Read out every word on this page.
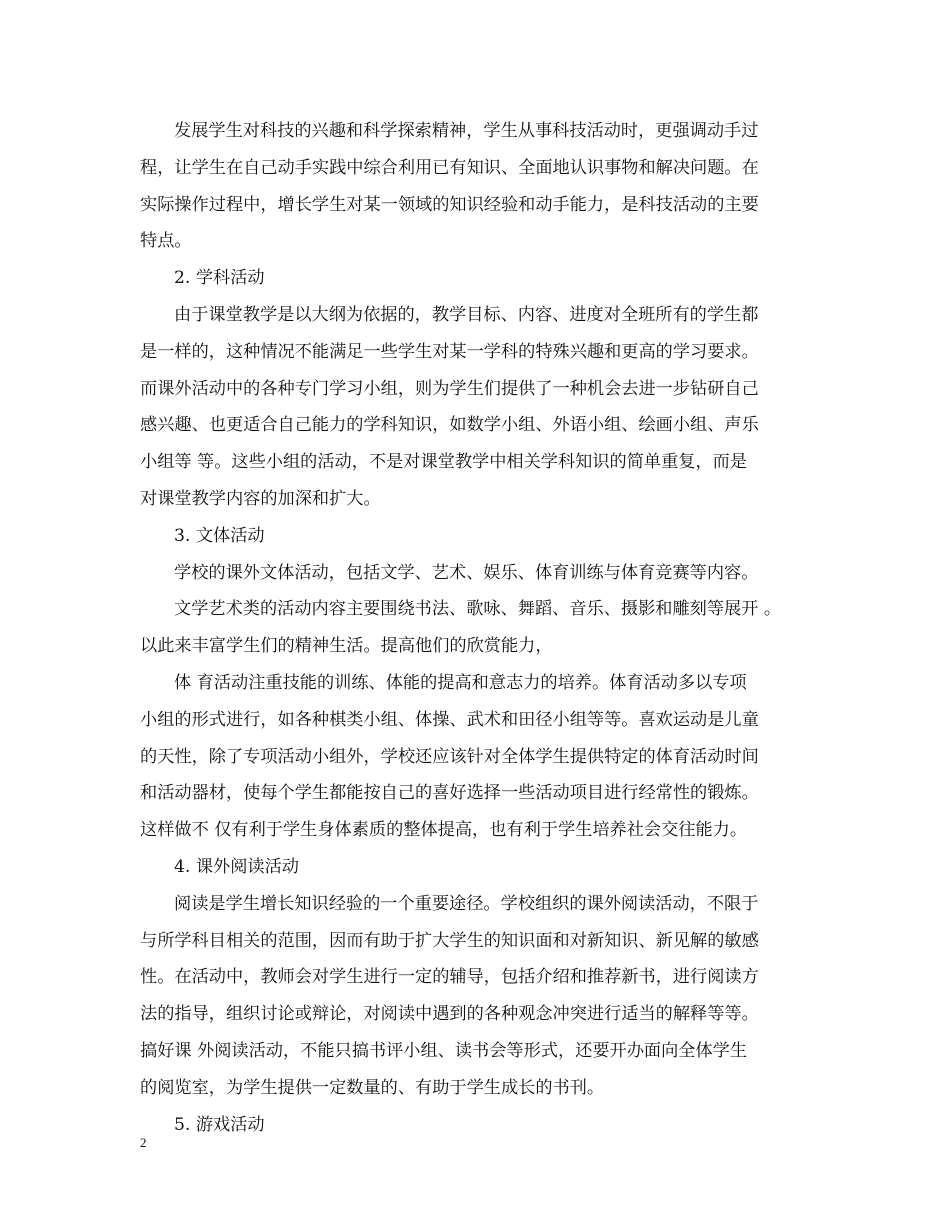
发展学生对科技的兴趣和科学探索精神，学生从事科技活动时，更强调动手过
程，让学生在自己动手实践中综合利用已有知识、全面地认识事物和解决问题。在
实际操作过程中，增长学生对某一领域的知识经验和动手能力，是科技活动的主要
特点。
2. 学科活动
由于课堂教学是以大纲为依据的，教学目标、内容、进度对全班所有的学生都
是一样的，这种情况不能满足一些学生对某一学科的特殊兴趣和更高的学习要求。
而课外活动中的各种专门学习小组，则为学生们提供了一种机会去进一步钻研自己
感兴趣、也更适合自己能力的学科知识，如数学小组、外语小组、绘画小组、声乐
小组等 等。这些小组的活动，不是对课堂教学中相关学科知识的简单重复，而是
对课堂教学内容的加深和扩大。
3. 文体活动
学校的课外文体活动，包括文学、艺术、娱乐、体育训练与体育竞赛等内容。
文学艺术类的活动内容主要围绕书法、歌咏、舞蹈、音乐、摄影和雕刻等展开 。
以此来丰富学生们的精神生活。提高他们的欣赏能力，
体 育活动注重技能的训练、体能的提高和意志力的培养。体育活动多以专项
小组的形式进行，如各种棋类小组、体操、武术和田径小组等等。喜欢运动是儿童
的天性，除了专项活动小组外，学校还应该针对全体学生提供特定的体育活动时间
和活动器材，使每个学生都能按自己的喜好选择一些活动项目进行经常性的锻炼。
这样做不 仅有利于学生身体素质的整体提高，也有利于学生培养社会交往能力。
4. 课外阅读活动
阅读是学生增长知识经验的一个重要途径。学校组织的课外阅读活动，不限于
与所学科目相关的范围，因而有助于扩大学生的知识面和对新知识、新见解的敏感
性。在活动中，教师会对学生进行一定的辅导，包括介绍和推荐新书，进行阅读方
法的指导，组织讨论或辩论，对阅读中遇到的各种观念冲突进行适当的解释等等。
搞好课 外阅读活动，不能只搞书评小组、读书会等形式，还要开办面向全体学生
的阅览室，为学生提供一定数量的、有助于学生成长的书刊。
5. 游戏活动
2
